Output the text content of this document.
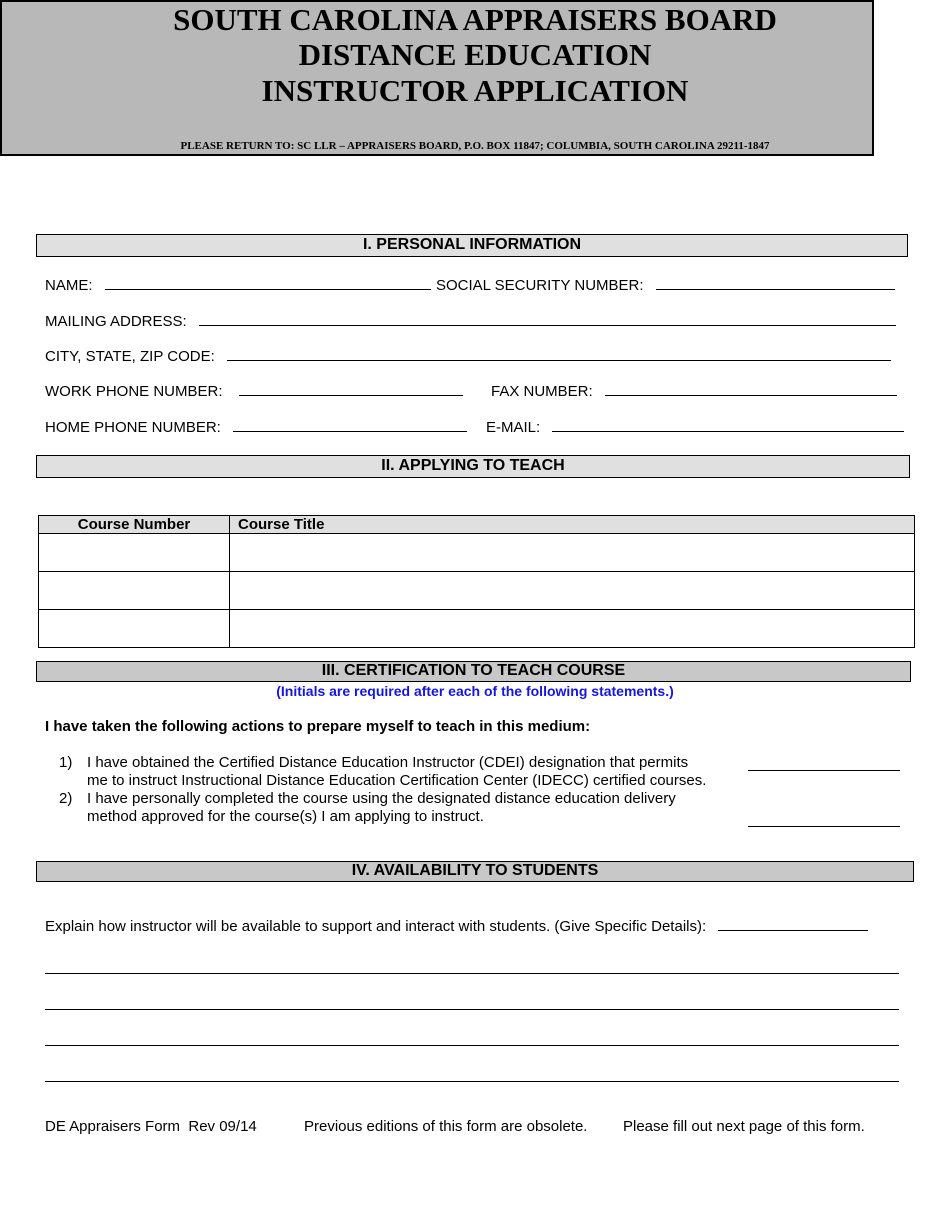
SOUTH CAROLINA APPRAISERS BOARD
DISTANCE EDUCATION
INSTRUCTOR APPLICATION
PLEASE RETURN TO: SC LLR – APPRAISERS BOARD, P.O. BOX 11847; COLUMBIA, SOUTH CAROLINA 29211-1847
I. PERSONAL INFORMATION
NAME:	SOCIAL SECURITY NUMBER:
MAILING ADDRESS:
CITY, STATE, ZIP CODE:
WORK PHONE NUMBER:	FAX NUMBER:
HOME PHONE NUMBER:	E-MAIL:
II. APPLYING TO TEACH
Course Number	Course Title

III. CERTIFICATION TO TEACH COURSE
(Initials are required after each of the following statements.)
I have taken the following actions to prepare myself to teach in this medium:
1) I have obtained the Certified Distance Education Instructor (CDEI) designation that permits
me to instruct Instructional Distance Education Certification Center (IDECC) certified courses.
2) I have personally completed the course using the designated distance education delivery
method approved for the course(s) I am applying to instruct.
IV. AVAILABILITY TO STUDENTS
Explain how instructor will be available to support and interact with students. (Give Specific Details):
DE Appraisers Form  Rev 09/14	Previous editions of this form are obsolete. Please fill out next page of this form.
